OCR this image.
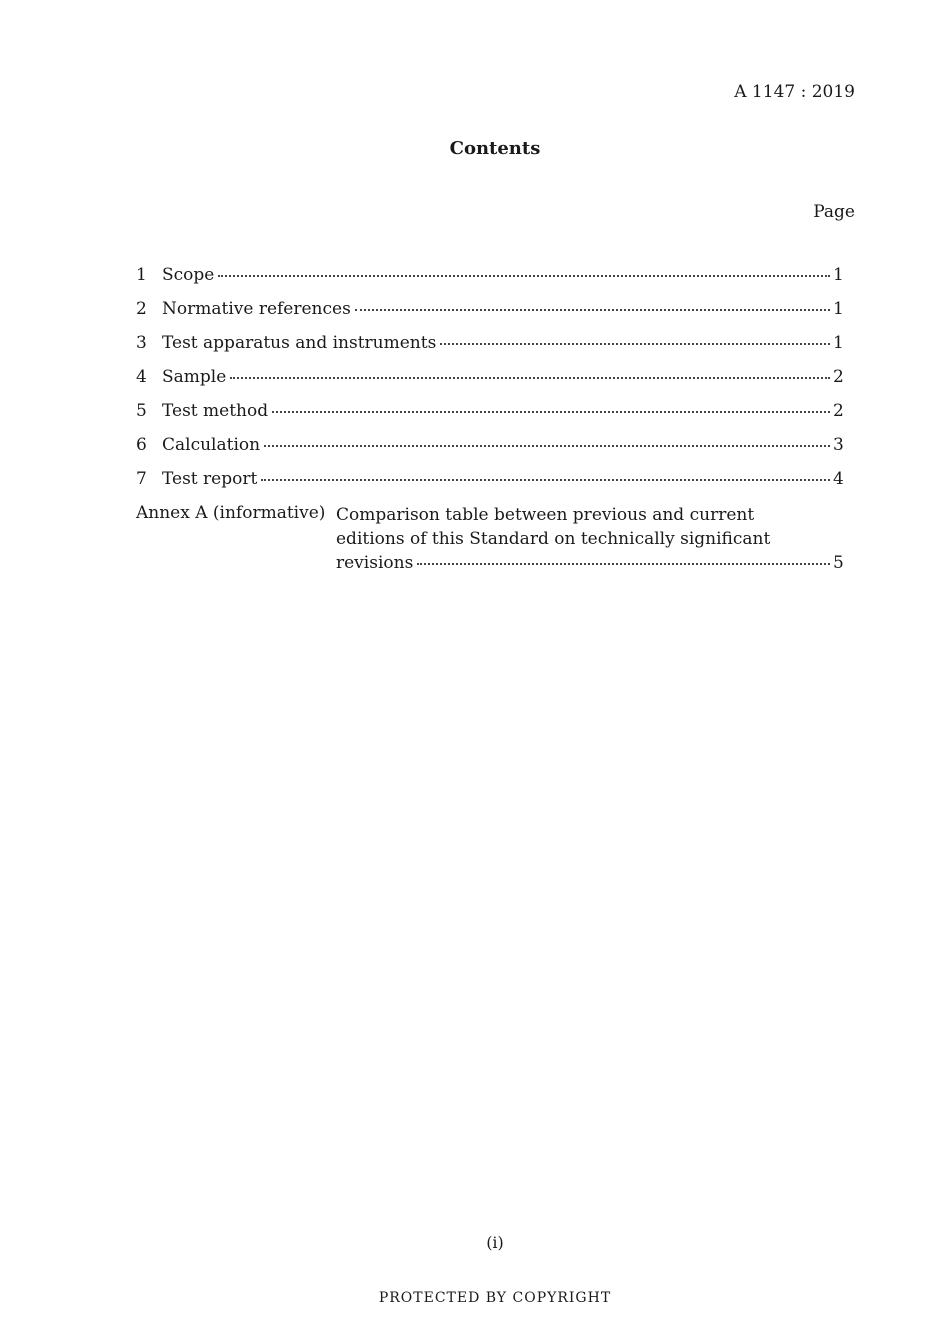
A 1147 : 2019
Contents
Page
1 Scope	1
2 Normative references	1
3 Test apparatus and instruments	1
4 Sample	2
5 Test method	2
6 Calculation	3
7 Test report	4
Annex A (informative) Comparison table between previous and current
editions of this Standard on technically significant
revisions	5
(i)
PROTECTED BY COPYRIGHT
